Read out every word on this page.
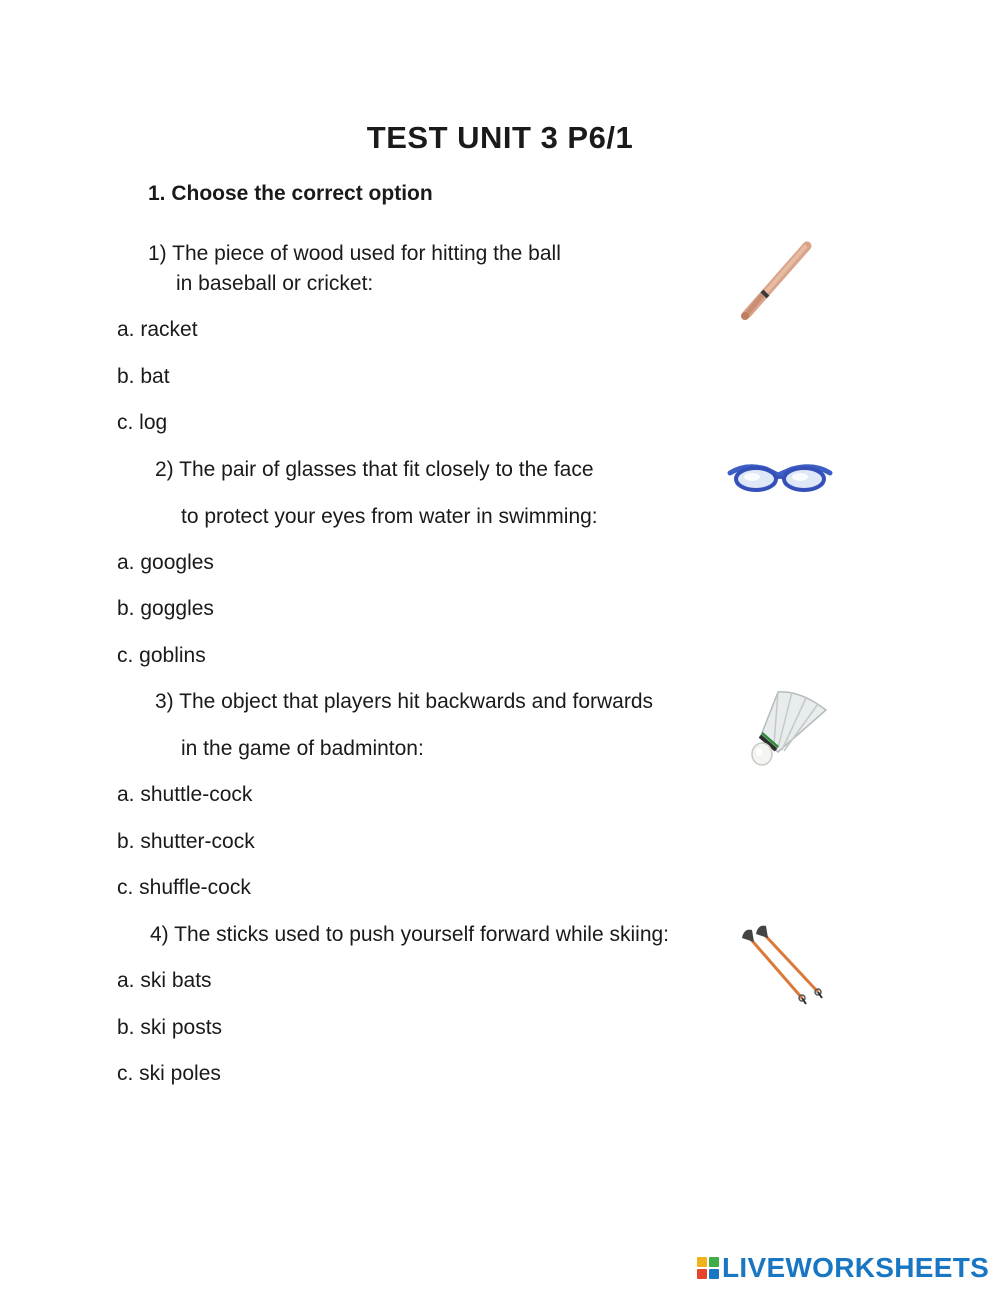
TEST UNIT 3 P6/1
1. Choose the correct option
1) The piece of wood used for hitting the ball
in baseball or cricket:
a. racket
b. bat
c. log
2) The pair of glasses that fit closely to the face
to protect your eyes from water in swimming:
a. googles
b. goggles
c. goblins
3) The object that players hit backwards and forwards
in the game of badminton:
a. shuttle-cock
b. shutter-cock
c. shuffle-cock
4) The sticks used to push yourself forward while skiing:
a. ski bats
b. ski posts
c. ski poles
LIVEWORKSHEETS
